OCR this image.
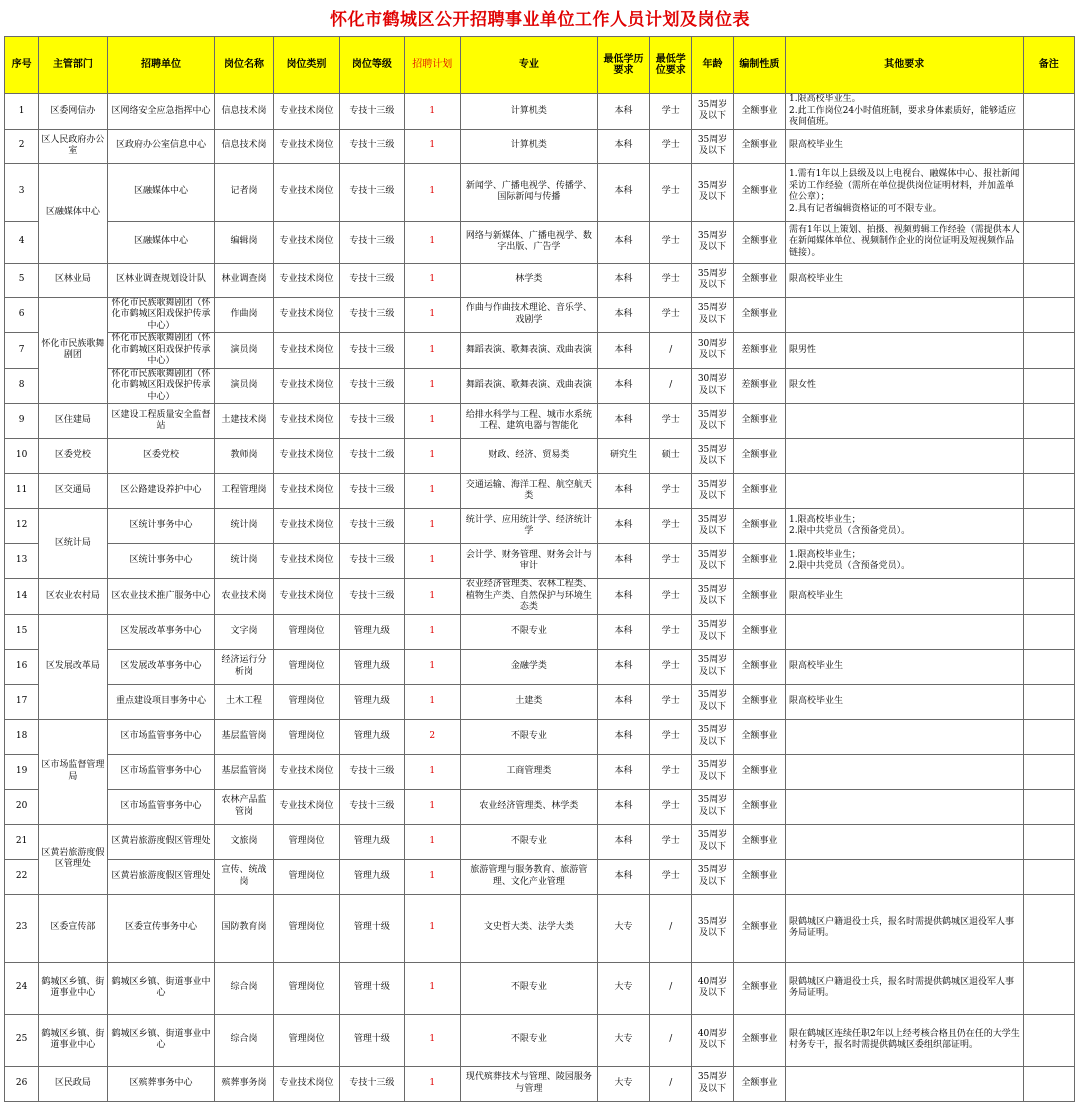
怀化市鹤城区公开招聘事业单位工作人员计划及岗位表
序号	主管部门	招聘单位	岗位名称	岗位类别	岗位等级	招聘计划	专业	最低学历要求	最低学位要求	年龄	编制性质	其他要求	备注
1	区委网信办	区网络安全应急指挥中心	信息技术岗	专业技术岗位	专技十三级	1	计算机类	本科	学士	35周岁及以下	全额事业	1.限高校毕业生。
2.此工作岗位24小时值班制，要求身体素质好，能够适应夜间值班。	
2	区人民政府办公室	区政府办公室信息中心	信息技术岗	专业技术岗位	专技十三级	1	计算机类	本科	学士	35周岁及以下	全额事业	限高校毕业生	
3	区融媒体中心	区融媒体中心	记者岗	专业技术岗位	专技十三级	1	新闻学、广播电视学、传播学、国际新闻与传播	本科	学士	35周岁及以下	全额事业	1.需有1年以上县级及以上电视台、融媒体中心、报社新闻采访工作经验（需所在单位提供岗位证明材料，并加盖单位公章）；
2.具有记者编辑资格证的可不限专业。	
4		区融媒体中心	编辑岗	专业技术岗位	专技十三级	1	网络与新媒体、广播电视学、数字出版、广告学	本科	学士	35周岁及以下	全额事业	需有1年以上策划、拍摄、视频剪辑工作经验（需提供本人在新闻媒体单位、视频制作企业的岗位证明及短视频作品链接）。	
5	区林业局	区林业调查规划设计队	林业调查岗	专业技术岗位	专技十三级	1	林学类	本科	学士	35周岁及以下	全额事业	限高校毕业生	
6	怀化市民族歌舞剧团	怀化市民族歌舞剧团（怀化市鹤城区阳戏保护传承中心）	作曲岗	专业技术岗位	专技十三级	1	作曲与作曲技术理论、音乐学、戏剧学	本科	学士	35周岁及以下	全额事业		
7		怀化市民族歌舞剧团（怀化市鹤城区阳戏保护传承中心）	演员岗	专业技术岗位	专技十三级	1	舞蹈表演、歌舞表演、戏曲表演	本科	/	30周岁及以下	差额事业	限男性	
8		怀化市民族歌舞剧团（怀化市鹤城区阳戏保护传承中心）	演员岗	专业技术岗位	专技十三级	1	舞蹈表演、歌舞表演、戏曲表演	本科	/	30周岁及以下	差额事业	限女性	
9	区住建局	区建设工程质量安全监督站	土建技术岗	专业技术岗位	专技十三级	1	给排水科学与工程、城市水系统工程、建筑电器与智能化	本科	学士	35周岁及以下	全额事业		
10	区委党校	区委党校	教师岗	专业技术岗位	专技十二级	1	财政、经济、贸易类	研究生	硕士	35周岁及以下	全额事业		
11	区交通局	区公路建设养护中心	工程管理岗	专业技术岗位	专技十三级	1	交通运输、海洋工程、航空航天类	本科	学士	35周岁及以下	全额事业		
12	区统计局	区统计事务中心	统计岗	专业技术岗位	专技十三级	1	统计学、应用统计学、经济统计学	本科	学士	35周岁及以下	全额事业	1.限高校毕业生；
2.限中共党员（含预备党员）。	
13		区统计事务中心	统计岗	专业技术岗位	专技十三级	1	会计学、财务管理、财务会计与审计	本科	学士	35周岁及以下	全额事业	1.限高校毕业生；
2.限中共党员（含预备党员）。	
14	区农业农村局	区农业技术推广服务中心	农业技术岗	专业技术岗位	专技十三级	1	农业经济管理类、农林工程类、植物生产类、自然保护与环境生态类	本科	学士	35周岁及以下	全额事业	限高校毕业生	
15	区发展改革局	区发展改革事务中心	文字岗	管理岗位	管理九级	1	不限专业	本科	学士	35周岁及以下	全额事业		
16		区发展改革事务中心	经济运行分析岗	管理岗位	管理九级	1	金融学类	本科	学士	35周岁及以下	全额事业	限高校毕业生	
17		重点建设项目事务中心	土木工程	管理岗位	管理九级	1	土建类	本科	学士	35周岁及以下	全额事业	限高校毕业生	
18	区市场监督管理局	区市场监管事务中心	基层监管岗	管理岗位	管理九级	2	不限专业	本科	学士	35周岁及以下	全额事业		
19		区市场监管事务中心	基层监管岗	专业技术岗位	专技十三级	1	工商管理类	本科	学士	35周岁及以下	全额事业		
20		区市场监管事务中心	农林产品监管岗	专业技术岗位	专技十三级	1	农业经济管理类、林学类	本科	学士	35周岁及以下	全额事业		
21	区黄岩旅游度假区管理处	区黄岩旅游度假区管理处	文旅岗	管理岗位	管理九级	1	不限专业	本科	学士	35周岁及以下	全额事业		
22		区黄岩旅游度假区管理处	宣传、统战岗	管理岗位	管理九级	1	旅游管理与服务教育、旅游管理、文化产业管理	本科	学士	35周岁及以下	全额事业		
23	区委宣传部	区委宣传事务中心	国防教育岗	管理岗位	管理十级	1	文史哲大类、法学大类	大专	/	35周岁及以下	全额事业	限鹤城区户籍退役士兵，报名时需提供鹤城区退役军人事务局证明。	
24	鹤城区乡镇、街道事业中心	鹤城区乡镇、街道事业中心	综合岗	管理岗位	管理十级	1	不限专业	大专	/	40周岁及以下	全额事业	限鹤城区户籍退役士兵，报名时需提供鹤城区退役军人事务局证明。	
25	鹤城区乡镇、街道事业中心	鹤城区乡镇、街道事业中心	综合岗	管理岗位	管理十级	1	不限专业	大专	/	40周岁及以下	全额事业	限在鹤城区连续任职2年以上经考核合格且仍在任的大学生村务专干，报名时需提供鹤城区委组织部证明。	
26	区民政局	区殡葬事务中心	殡葬事务岗	专业技术岗位	专技十三级	1	现代殡葬技术与管理、陵园服务与管理	大专	/	35周岁及以下	全额事业		
